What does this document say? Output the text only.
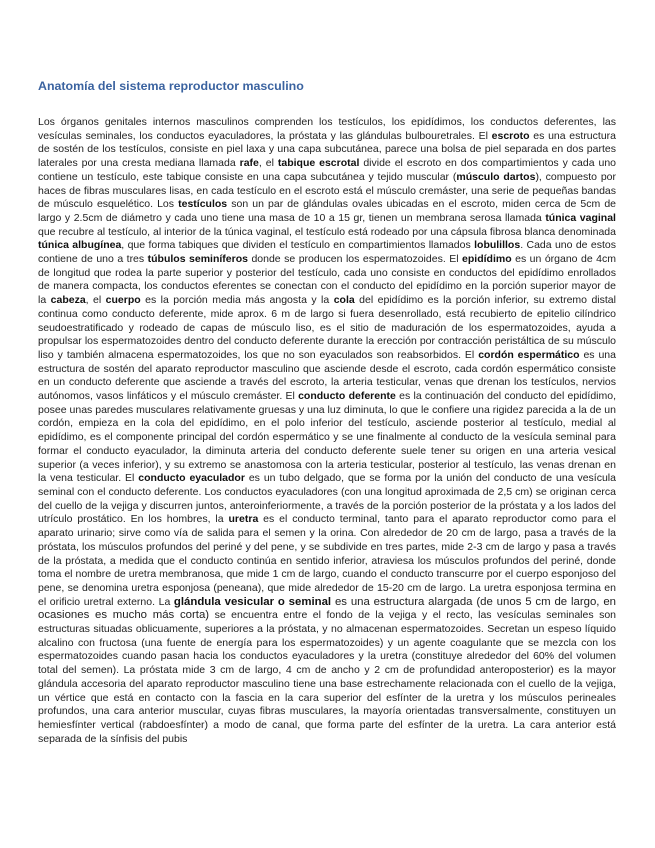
Anatomía del sistema reproductor masculino

Los órganos genitales internos masculinos comprenden los testículos, los epidídimos, los conductos deferentes, las vesículas seminales, los conductos eyaculadores, la próstata y las glándulas bulbouretrales. El escroto es una estructura de sostén de los testículos, consiste en piel laxa y una capa subcutánea, parece una bolsa de piel separada en dos partes laterales por una cresta mediana llamada rafe, el tabique escrotal divide el escroto en dos compartimientos y cada uno contiene un testículo, este tabique consiste en una capa subcutánea y tejido muscular (músculo dartos), compuesto por haces de fibras musculares lisas, en cada testículo en el escroto está el músculo cremáster, una serie de pequeñas bandas de músculo esquelético. Los testículos son un par de glándulas ovales ubicadas en el escroto, miden cerca de 5cm de largo y 2.5cm de diámetro y cada uno tiene una masa de 10 a 15 gr, tienen un membrana serosa llamada túnica vaginal que recubre al testículo, al interior de la túnica vaginal, el testículo está rodeado por una cápsula fibrosa blanca denominada túnica albugínea, que forma tabiques que dividen el testículo en compartimientos llamados lobulillos. Cada uno de estos contiene de uno a tres túbulos seminíferos donde se producen los espermatozoides. El epidídimo es un órgano de 4cm de longitud que rodea la parte superior y posterior del testículo, cada uno consiste en conductos del epidídimo enrollados de manera compacta, los conductos eferentes se conectan con el conducto del epidídimo en la porción superior mayor de la cabeza, el cuerpo es la porción media más angosta y la cola del epidídimo es la porción inferior, su extremo distal continua como conducto deferente, mide aprox. 6 m de largo si fuera desenrollado, está recubierto de epitelio cilíndrico seudoestratificado y rodeado de capas de músculo liso, es el sitio de maduración de los espermatozoides, ayuda a propulsar los espermatozoides dentro del conducto deferente durante la erección por contracción peristáltica de su músculo liso y también almacena espermatozoides, los que no son eyaculados son reabsorbidos. El cordón espermático es una estructura de sostén del aparato reproductor masculino que asciende desde el escroto, cada cordón espermático consiste en un conducto deferente que asciende a través del escroto, la arteria testicular, venas que drenan los testículos, nervios autónomos, vasos linfáticos y el músculo cremáster. El conducto deferente es la continuación del conducto del epidídimo, posee unas paredes musculares relativamente gruesas y una luz diminuta, lo que le confiere una rigidez parecida a la de un cordón, empieza en la cola del epidídimo, en el polo inferior del testículo, asciende posterior al testículo, medial al epidídimo, es el componente principal del cordón espermático y se une finalmente al conducto de la vesícula seminal para formar el conducto eyaculador, la diminuta arteria del conducto deferente suele tener su origen en una arteria vesical superior (a veces inferior), y su extremo se anastomosa con la arteria testicular, posterior al testículo, las venas drenan en la vena testicular. El conducto eyaculador es un tubo delgado, que se forma por la unión del conducto de una vesícula seminal con el conducto deferente. Los conductos eyaculadores (con una longitud aproximada de 2,5 cm) se originan cerca del cuello de la vejiga y discurren juntos, anteroinferiormente, a través de la porción posterior de la próstata y a los lados del utrículo prostático. En los hombres, la uretra es el conducto terminal, tanto para el aparato reproductor como para el aparato urinario; sirve como vía de salida para el semen y la orina. Con alrededor de 20 cm de largo, pasa a través de la próstata, los músculos profundos del periné y del pene, y se subdivide en tres partes, mide 2-3 cm de largo y pasa a través de la próstata, a medida que el conducto continúa en sentido inferior, atraviesa los músculos profundos del periné, donde toma el nombre de uretra membranosa, que mide 1 cm de largo, cuando el conducto transcurre por el cuerpo esponjoso del pene, se denomina uretra esponjosa (peneana), que mide alrededor de 15-20 cm de largo. La uretra esponjosa termina en el orificio uretral externo. La glándula vesicular o seminal es una estructura alargada (de unos 5 cm de largo, en ocasiones es mucho más corta) se encuentra entre el fondo de la vejiga y el recto, las vesículas seminales son estructuras situadas oblicuamente, superiores a la próstata, y no almacenan espermatozoides. Secretan un espeso líquido alcalino con fructosa (una fuente de energía para los espermatozoides) y un agente coagulante que se mezcla con los espermatozoides cuando pasan hacia los conductos eyaculadores y la uretra (constituye alrededor del 60% del volumen total del semen). La próstata mide 3 cm de largo, 4 cm de ancho y 2 cm de profundidad anteroposterior) es la mayor glándula accesoria del aparato reproductor masculino tiene una base estrechamente relacionada con el cuello de la vejiga, un vértice que está en contacto con la fascia en la cara superior del esfínter de la uretra y los músculos perineales profundos, una cara anterior muscular, cuyas fibras musculares, la mayoría orientadas transversalmente, constituyen un hemiesfínter vertical (rabdoesfínter) a modo de canal, que forma parte del esfínter de la uretra. La cara anterior está separada de la sínfisis del pubis
